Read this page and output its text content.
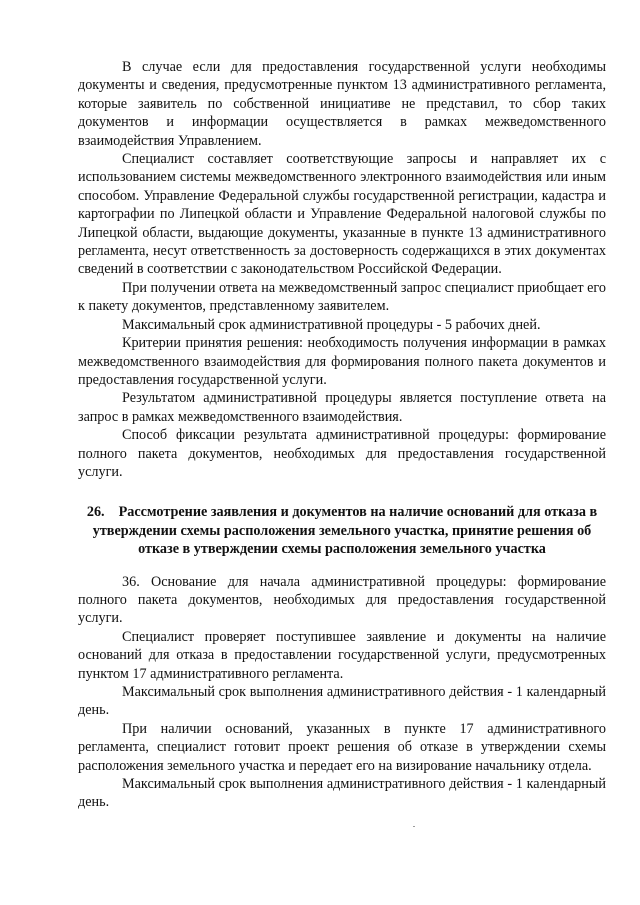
В случае если для предоставления государственной услуги необходимы документы и сведения, предусмотренные пунктом 13 административного регламента, которые заявитель по собственной инициативе не представил, то сбор таких документов и информации осуществляется в рамках межведомственного взаимодействия Управлением.

Специалист составляет соответствующие запросы и направляет их с использованием системы межведомственного электронного взаимодействия или иным способом. Управление Федеральной службы государственной регистрации, кадастра и картографии по Липецкой области и Управление Федеральной налоговой службы по Липецкой области, выдающие документы, указанные в пункте 13 административного регламента, несут ответственность за достоверность содержащихся в этих документах сведений в соответствии с законодательством Российской Федерации.

При получении ответа на межведомственный запрос специалист приобщает его к пакету документов, представленному заявителем.

Максимальный срок административной процедуры - 5 рабочих дней.

Критерии принятия решения: необходимость получения информации в рамках межведомственного взаимодействия для формирования полного пакета документов и предоставления государственной услуги.

Результатом административной процедуры является поступление ответа на запрос в рамках межведомственного взаимодействия.

Способ фиксации результата административной процедуры: формирование полного пакета документов, необходимых для предоставления государственной услуги.

26. Рассмотрение заявления и документов на наличие оснований для отказа в утверждении схемы расположения земельного участка, принятие решения об отказе в утверждении схемы расположения земельного участка

36. Основание для начала административной процедуры: формирование полного пакета документов, необходимых для предоставления государственной услуги.

Специалист проверяет поступившее заявление и документы на наличие оснований для отказа в предоставлении государственной услуги, предусмотренных пунктом 17 административного регламента.

Максимальный срок выполнения административного действия - 1 календарный день.

При наличии оснований, указанных в пункте 17 административного регламента, специалист готовит проект решения об отказе в утверждении схемы расположения земельного участка и передает его на визирование начальнику отдела.

Максимальный срок выполнения административного действия - 1 календарный день.
